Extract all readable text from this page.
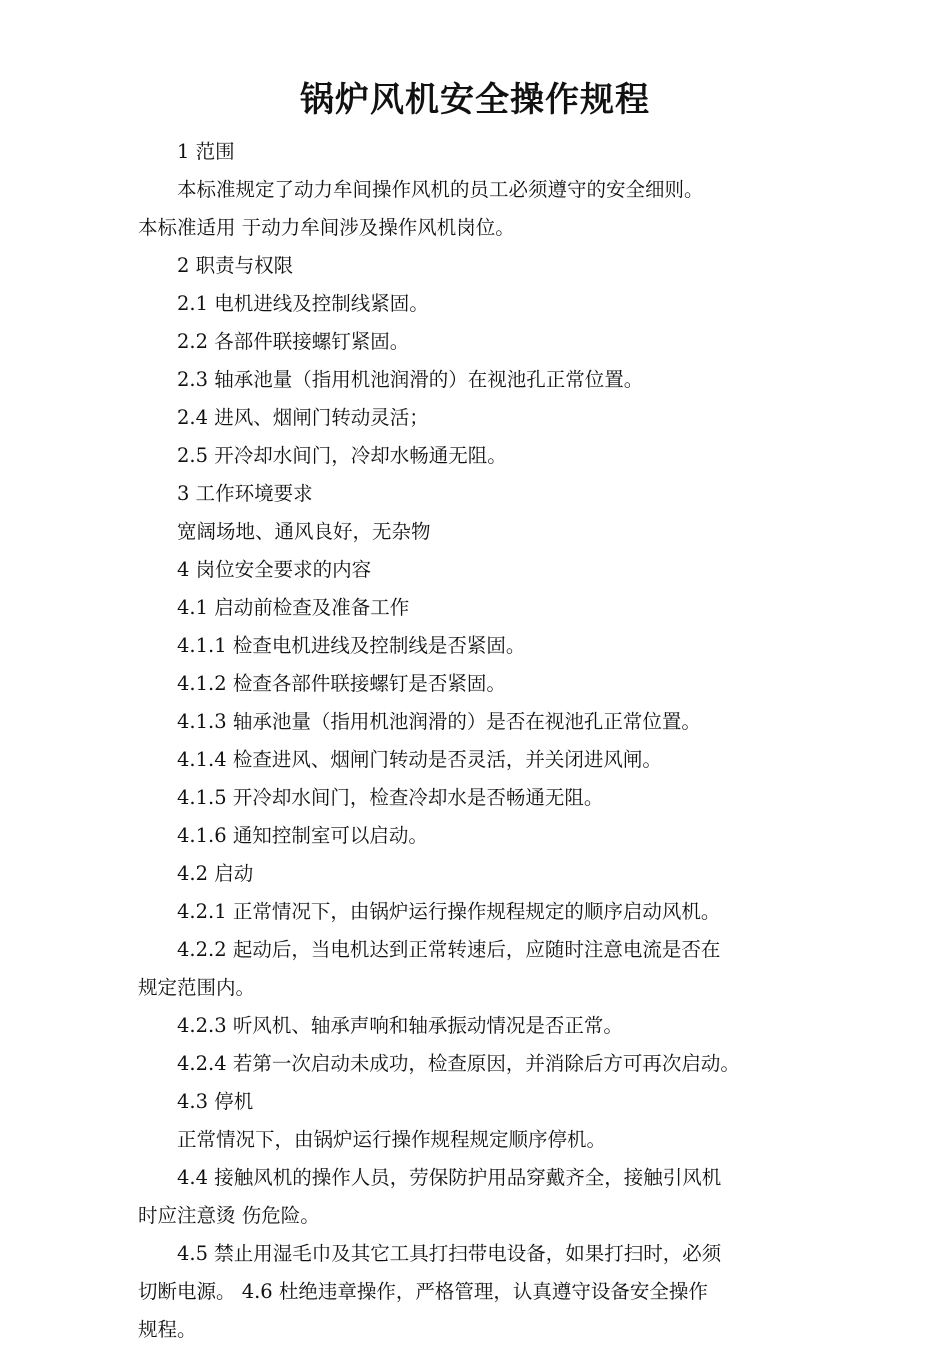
锅炉风机安全操作规程

1 范围

本标准规定了动力牟间操作风机的员工必须遵守的安全细则。

本标准适用 于动力牟间涉及操作风机岗位。

2 职责与权限

2.1 电机进线及控制线紧固。

2.2 各部件联接螺钉紧固。

2.3 轴承池量（指用机池润滑的）在视池孔正常位置。

2.4 进风、烟闸门转动灵活；

2.5 开冷却水间门，冷却水畅通无阻。

3 工作环境要求

宽阔场地、通风良好，无杂物

4 岗位安全要求的内容

4.1 启动前检查及准备工作

4.1.1 检查电机进线及控制线是否紧固。

4.1.2 检查各部件联接螺钉是否紧固。

4.1.3 轴承池量（指用机池润滑的）是否在视池孔正常位置。

4.1.4 检查进风、烟闸门转动是否灵活，并关闭进风闸。

4.1.5 开冷却水间门，检查冷却水是否畅通无阻。

4.1.6 通知控制室可以启动。

4.2 启动

4.2.1 正常情况下，由锅炉运行操作规程规定的顺序启动风机。

4.2.2 起动后，当电机达到正常转速后，应随时注意电流是否在

规定范围内。

4.2.3 听风机、轴承声响和轴承振动情况是否正常。

4.2.4 若第一次启动未成功，检查原因，并消除后方可再次启动。

4.3 停机

正常情况下，由锅炉运行操作规程规定顺序停机。

4.4 接触风机的操作人员，劳保防护用品穿戴齐全，接触引风机

时应注意烫 伤危险。

4.5 禁止用湿毛巾及其它工具打扫带电设备，如果打扫时，必须

切断电源。 4.6 杜绝违章操作，严格管理，认真遵守设备安全操作

规程。
